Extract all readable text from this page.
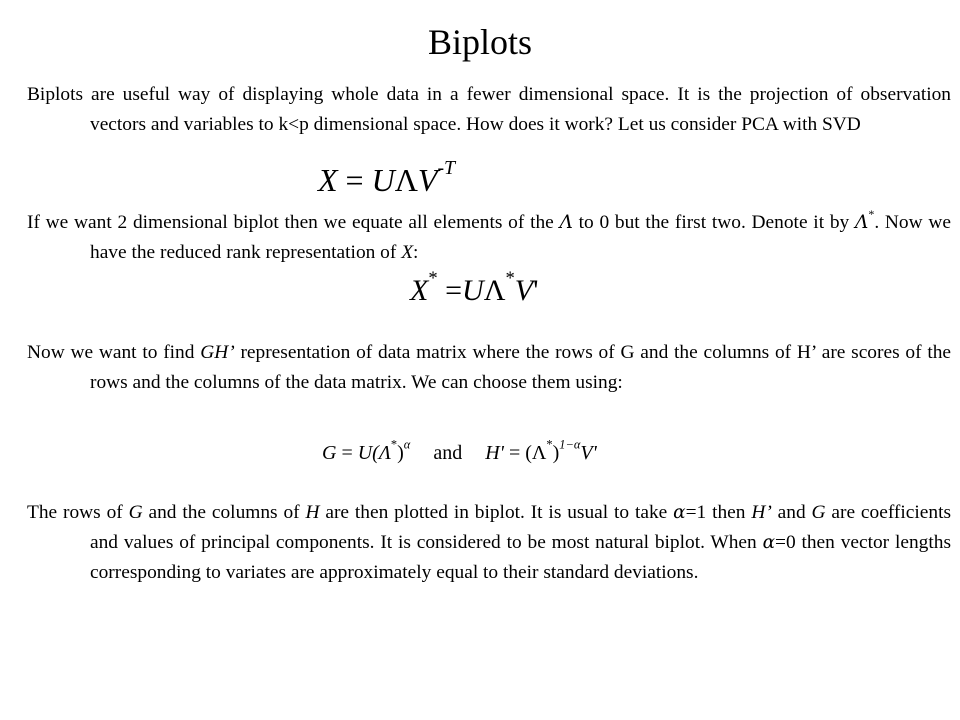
Biplots
Biplots are useful way of displaying whole data in a fewer dimensional space. It is the projection of observation vectors and variables to k<p dimensional space. How does it work? Let us consider PCA with SVD
$X = U\Lambda V^{-T}$
If we want 2 dimensional biplot then we equate all elements of the Λ to 0 but the first two. Denote it by Λ*. Now we have the reduced rank representation of X:
X* =UΛ*V'
Now we want to find GH’ representation of data matrix where the rows of G and the columns of H’ are scores of the rows and the columns of the data matrix. We can choose them using:
$G = U(\Lambda^*)^\alpha$ and $H' = (\Lambda^*)^{1-\alpha}V'$
The rows of G and the columns of H are then plotted in biplot. It is usual to take α=1 then H’ and G are coefficients and values of principal components. It is considered to be most natural biplot. When α=0 then vector lengths corresponding to variates are approximately equal to their standard deviations.
